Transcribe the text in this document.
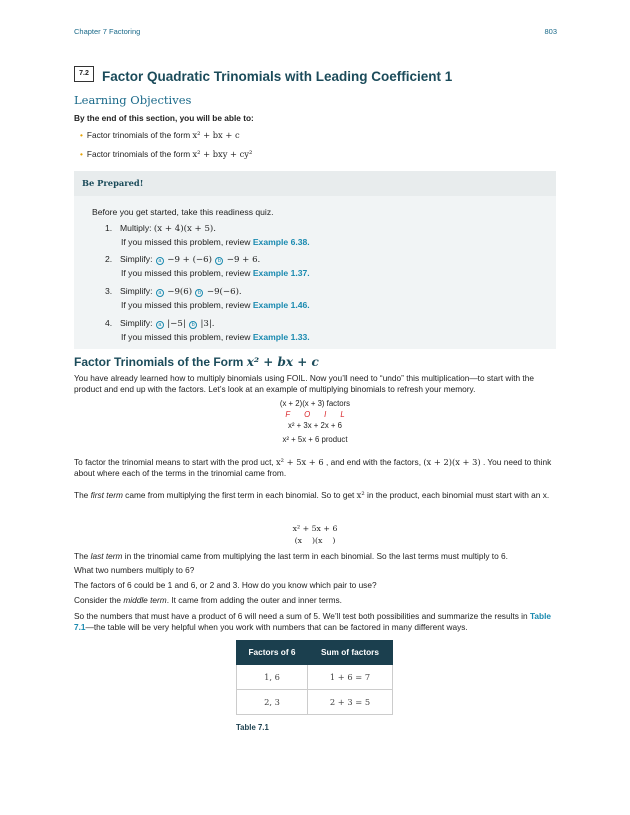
Chapter 7 Factoring	803
7.2 Factor Quadratic Trinomials with Leading Coefficient 1
Learning Objectives
By the end of this section, you will be able to:
• Factor trinomials of the form x² + bx + c
• Factor trinomials of the form x² + bxy + cy²
Be Prepared!
Before you get started, take this readiness quiz.
1. Multiply: (x + 4)(x + 5).
If you missed this problem, review Example 6.38.
2. Simplify: a −9 + (−6) b −9 + 6.
If you missed this problem, review Example 1.37.
3. Simplify: a −9(6) b −9(−6).
If you missed this problem, review Example 1.46.
4. Simplify: a |−5| b |3|.
If you missed this problem, review Example 1.33.
Factor Trinomials of the Form x² + bx + c
You have already learned how to multiply binomials using FOIL. Now you’ll need to “undo” this multiplication—to start with the product and end up with the factors. Let’s look at an example of multiplying binomials to refresh your memory.
(x + 2)(x + 3) factors
F O I L
x² + 3x + 2x + 6
x² + 5x + 6 product
To factor the trinomial means to start with the prod uct, x² + 5x + 6 , and end with the factors, (x + 2)(x + 3) . You need to think about where each of the terms in the trinomial came from.
The first term came from multiplying the first term in each binomial. So to get x² in the product, each binomial must start with an x.
x² + 5x + 6
(x    )(x    )
The last term in the trinomial came from multiplying the last term in each binomial. So the last terms must multiply to 6.
What two numbers multiply to 6?
The factors of 6 could be 1 and 6, or 2 and 3. How do you know which pair to use?
Consider the middle term. It came from adding the outer and inner terms.
So the numbers that must have a product of 6 will need a sum of 5. We’ll test both possibilities and summarize the results in Table 7.1—the table will be very helpful when you work with numbers that can be factored in many different ways.
Factors of 6	Sum of factors
1, 6	1 + 6 = 7
2, 3	2 + 3 = 5
Table 7.1
